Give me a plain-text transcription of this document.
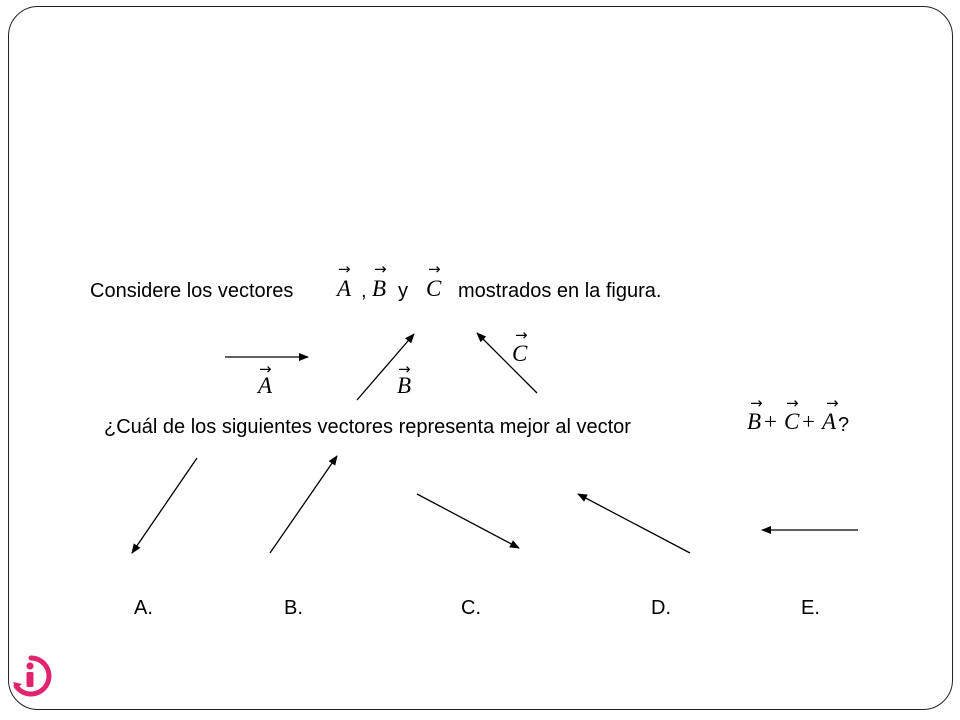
Considere los vectores
→
A ,
→
B y
→
C mostrados en la figura.
→
A
→
B
→
C
¿Cuál de los siguientes vectores representa mejor al vector
→
B +
→
C +
→
A ?
A.	B.	C.	D.	E.
